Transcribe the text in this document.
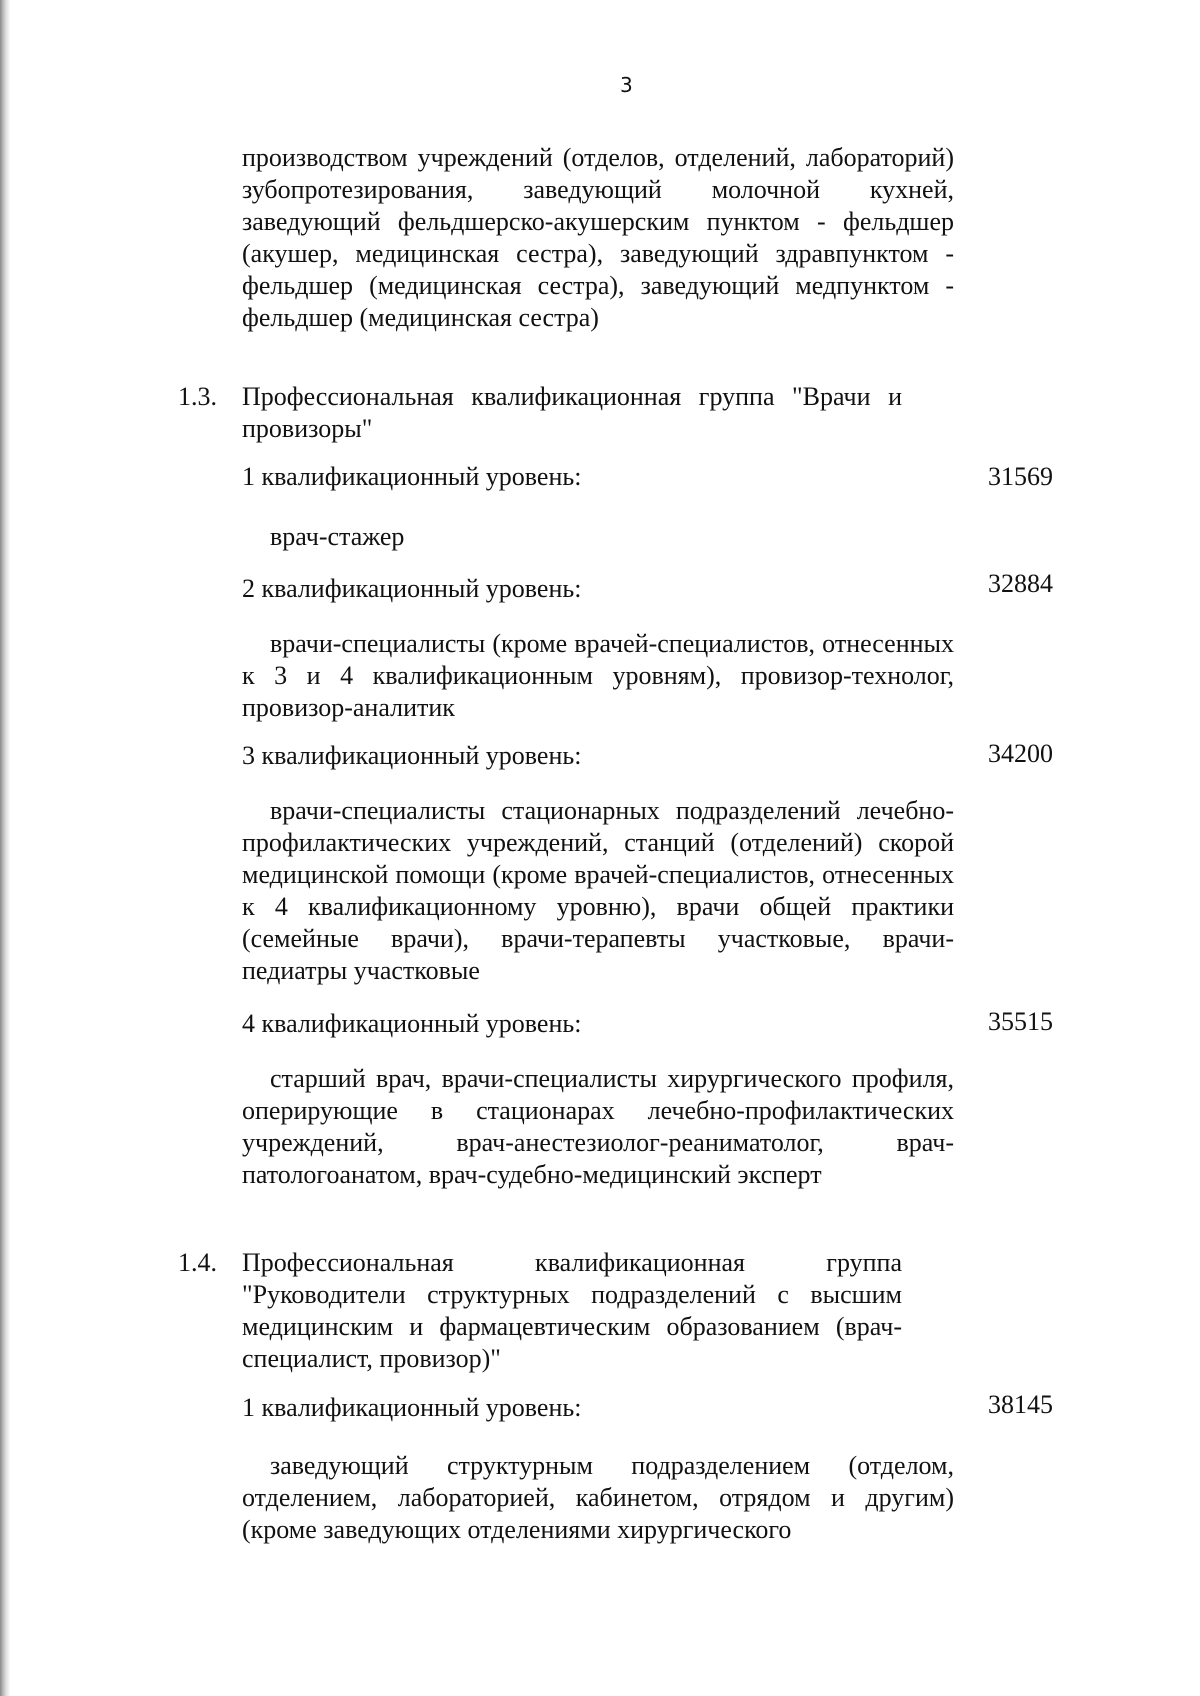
3
производством учреждений (отделов, отделений, лабораторий) зубопротезирования, заведующий молочной кухней, заведующий фельдшерско-акушерским пунктом - фельдшер (акушер, медицинская сестра), заведующий здравпунктом - фельдшер (медицинская сестра), заведующий медпунктом - фельдшер (медицинская сестра)
1.3. Профессиональная квалификационная группа "Врачи и провизоры"
1 квалификационный уровень:	31569
врач-стажер
2 квалификационный уровень:	32884
врачи-специалисты (кроме врачей-специалистов, отнесенных к 3 и 4 квалификационным уровням), провизор-технолог, провизор-аналитик
3 квалификационный уровень:	34200
врачи-специалисты стационарных подразделений лечебно-профилактических учреждений, станций (отделений) скорой медицинской помощи (кроме врачей-специалистов, отнесенных к 4 квалификационному уровню), врачи общей практики (семейные врачи), врачи-терапевты участковые, врачи-педиатры участковые
4 квалификационный уровень:	35515
старший врач, врачи-специалисты хирургического профиля, оперирующие в стационарах лечебно-профилактических учреждений, врач-анестезиолог-реаниматолог, врач-патологоанатом, врач-судебно-медицинский эксперт
1.4. Профессиональная квалификационная группа "Руководители структурных подразделений с высшим медицинским и фармацевтическим образованием (врач-специалист, провизор)"
1 квалификационный уровень:	38145
заведующий структурным подразделением (отделом, отделением, лабораторией, кабинетом, отрядом и другим) (кроме заведующих отделениями хирургического
